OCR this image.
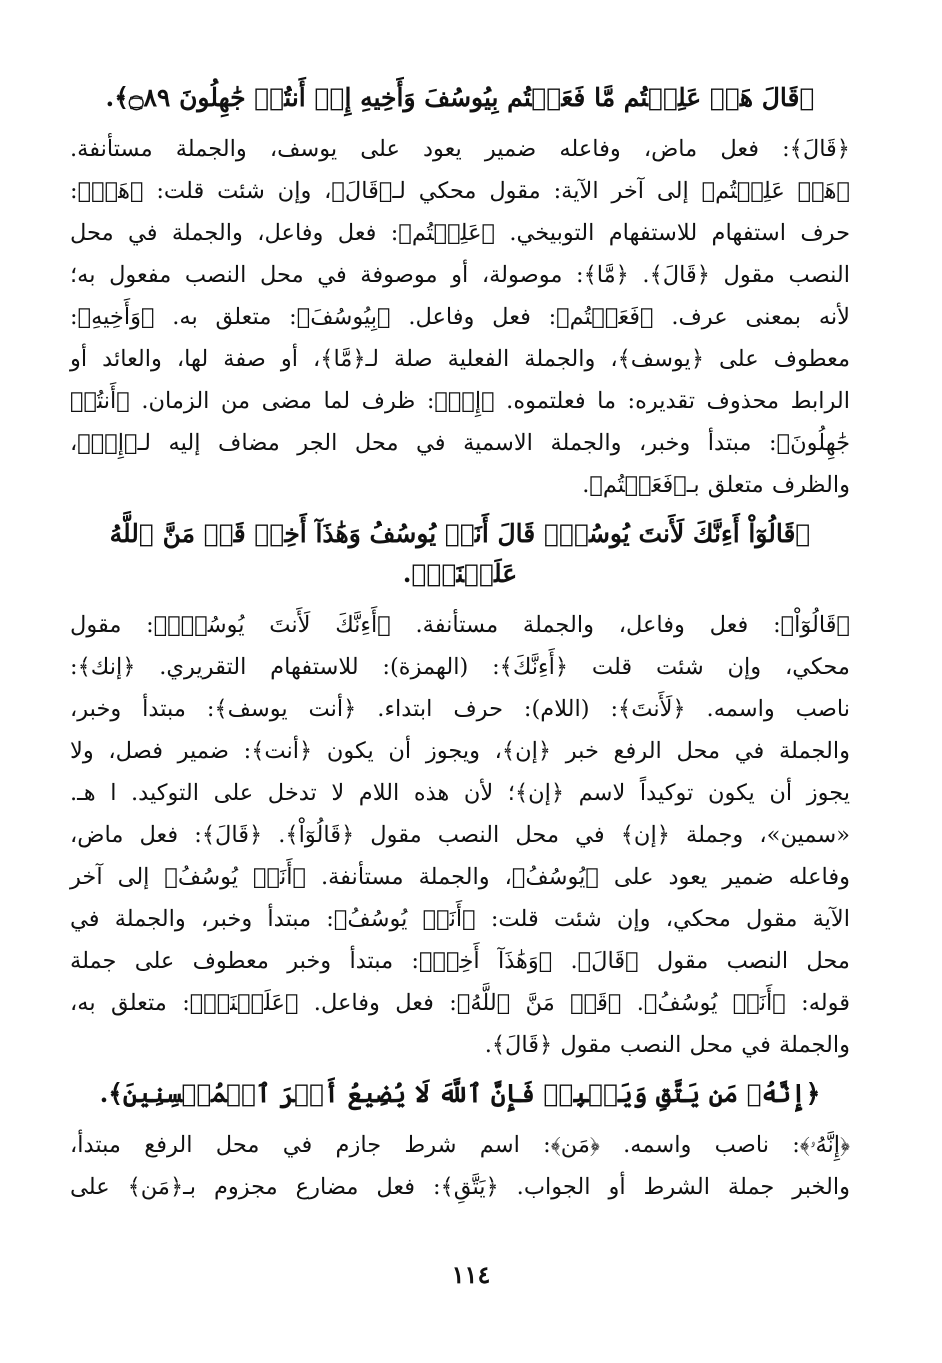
﴿قَالَ هَلۡ عَلِمۡتُم مَّا فَعَلۡتُم بِيُوسُفَ وَأَخِيهِ إِذۡ أَنتُمۡ جَٰهِلُونَ ۝٨٩﴾.
﴿قَالَ﴾: فعل ماض، وفاعله ضمير يعود على يوسف، والجملة مستأنفة.
﴿هَلۡ عَلِمۡتُم﴾ إلى آخر الآية: مقول محكي لـ﴿قَالَ﴾، وإن شئت قلت: ﴿هَلۡ﴾:
حرف استفهام للاستفهام التوبيخي. ﴿عَلِمۡتُم﴾: فعل وفاعل، والجملة في محل
النصب مقول ﴿قَالَ﴾. ﴿مَّا﴾: موصولة، أو موصوفة في محل النصب مفعول به؛
لأنه بمعنى عرف. ﴿فَعَلۡتُم﴾: فعل وفاعل. ﴿بِيُوسُفَ﴾: متعلق به. ﴿وَأَخِيهِ﴾:
معطوف على ﴿يوسف﴾، والجملة الفعلية صلة لـ﴿مَّا﴾، أو صفة لها، والعائد أو
الرابط محذوف تقديره: ما فعلتموه. ﴿إِذۡ﴾: ظرف لما مضى من الزمان. ﴿أَنتُمۡ
جَٰهِلُونَ﴾: مبتدأ وخبر، والجملة الاسمية في محل الجر مضاف إليه لـ﴿إِذۡ﴾،
والظرف متعلق بـ﴿فَعَلۡتُم﴾.
﴿قَالُوٓاْ أَءِنَّكَ لَأَنتَ يُوسُفُۖ قَالَ أَنَا۠ يُوسُفُ وَهَٰذَآ أَخِيۖ قَدۡ مَنَّ ٱللَّهُ عَلَيۡنَآۖ﴾.
﴿قَالُوٓاْ﴾: فعل وفاعل، والجملة مستأنفة. ﴿أَءِنَّكَ لَأَنتَ يُوسُفُۖ﴾: مقول
محكي، وإن شئت قلت ﴿أَءِنَّكَ﴾: (الهمزة): للاستفهام التقريري. ﴿إنك﴾:
ناصب واسمه. ﴿لَأَنتَ﴾: (اللام): حرف ابتداء. ﴿أنت يوسف﴾: مبتدأ وخبر،
والجملة في محل الرفع خبر ﴿إن﴾، ويجوز أن يكون ﴿أنت﴾: ضمير فصل، ولا
يجوز أن يكون توكيداً لاسم ﴿إن﴾؛ لأن هذه اللام لا تدخل على التوكيد. ا هـ.
«سمين»، وجملة ﴿إن﴾ في محل النصب مقول ﴿قَالُوٓاْ﴾. ﴿قَالَ﴾: فعل ماض،
وفاعله ضمير يعود على ﴿يُوسُفُ﴾، والجملة مستأنفة. ﴿أَنَا۠ يُوسُفُ﴾ إلى آخر
الآية مقول محكي، وإن شئت قلت: ﴿أَنَا۠ يُوسُفُ﴾: مبتدأ وخبر، والجملة في
محل النصب مقول ﴿قَالَ﴾. ﴿وَهَٰذَآ أَخِيۖ﴾: مبتدأ وخبر معطوف على جملة
قوله: ﴿أَنَا۠ يُوسُفُ﴾. ﴿قَدۡ مَنَّ ٱللَّهُ﴾: فعل وفاعل. ﴿عَلَيۡنَآۖ﴾: متعلق به،
والجملة في محل النصب مقول ﴿قَالَ﴾.
﴿إِنَّهُۥ مَن يَتَّقِ وَيَصۡبِرۡ فَإِنَّ ٱللَّهَ لَا يُضِيعُ أَجۡرَ ٱلۡمُحۡسِنِينَ﴾.
﴿إِنَّهُۥ﴾: ناصب واسمه. ﴿مَن﴾: اسم شرط جازم في محل الرفع مبتدأ،
والخبر جملة الشرط أو الجواب. ﴿يَتَّقِ﴾: فعل مضارع مجزوم بـ﴿مَن﴾ على
١١٤
